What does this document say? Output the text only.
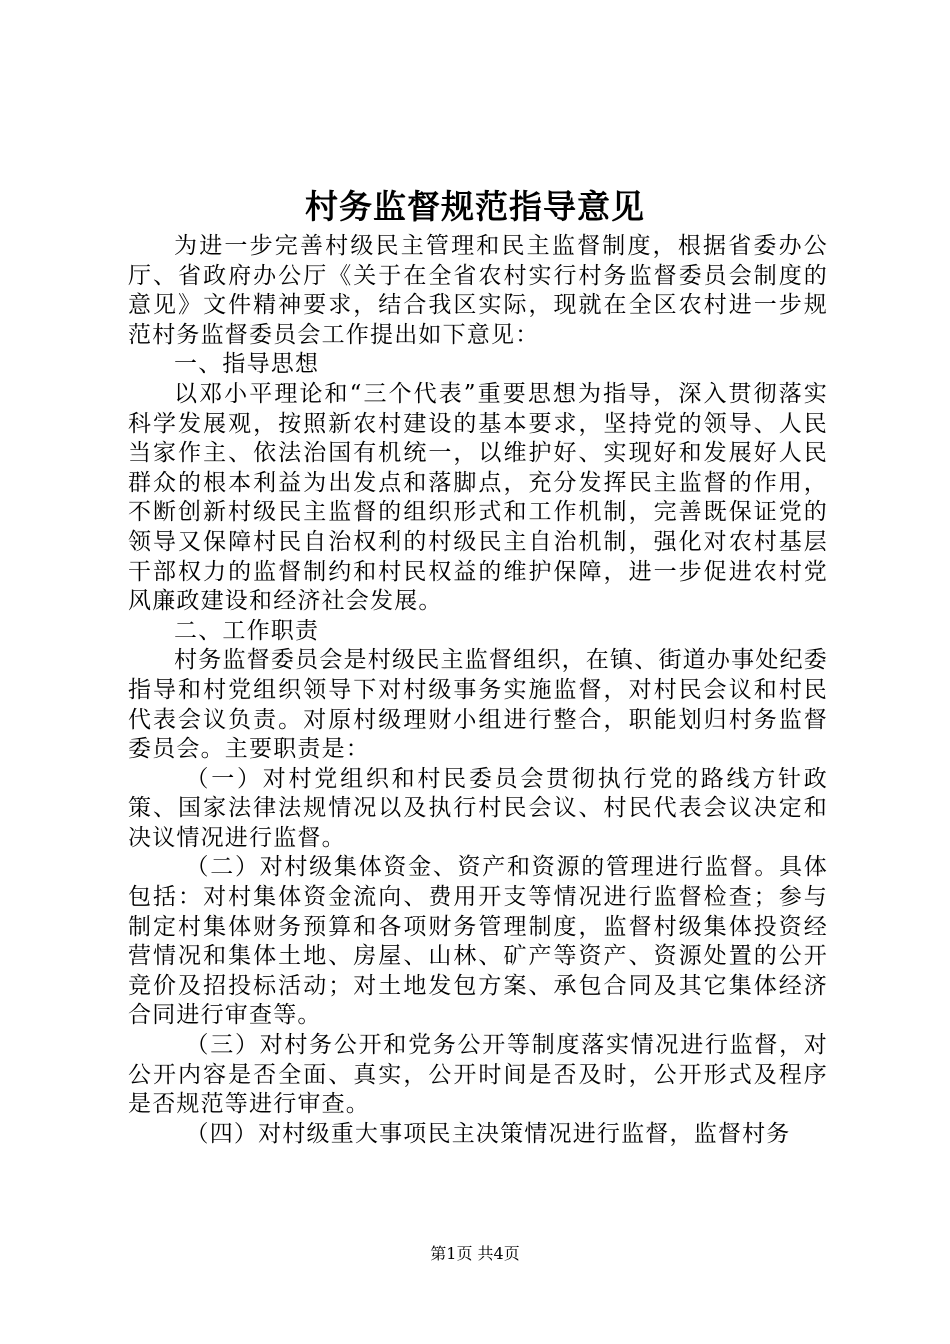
村务监督规范指导意见

为进一步完善村级民主管理和民主监督制度，根据省委办公厅、省政府办公厅《关于在全省农村实行村务监督委员会制度的意见》文件精神要求，结合我区实际，现就在全区农村进一步规范村务监督委员会工作提出如下意见：

一、指导思想

以邓小平理论和“三个代表”重要思想为指导，深入贯彻落实科学发展观，按照新农村建设的基本要求，坚持党的领导、人民当家作主、依法治国有机统一，以维护好、实现好和发展好人民群众的根本利益为出发点和落脚点，充分发挥民主监督的作用，不断创新村级民主监督的组织形式和工作机制，完善既保证党的领导又保障村民自治权利的村级民主自治机制，强化对农村基层干部权力的监督制约和村民权益的维护保障，进一步促进农村党风廉政建设和经济社会发展。

二、工作职责

村务监督委员会是村级民主监督组织，在镇、街道办事处纪委指导和村党组织领导下对村级事务实施监督，对村民会议和村民代表会议负责。对原村级理财小组进行整合，职能划归村务监督委员会。主要职责是：

（一）对村党组织和村民委员会贯彻执行党的路线方针政策、国家法律法规情况以及执行村民会议、村民代表会议决定和决议情况进行监督。

（二）对村级集体资金、资产和资源的管理进行监督。具体包括：对村集体资金流向、费用开支等情况进行监督检查；参与制定村集体财务预算和各项财务管理制度，监督村级集体投资经营情况和集体土地、房屋、山林、矿产等资产、资源处置的公开竞价及招投标活动；对土地发包方案、承包合同及其它集体经济合同进行审查等。

（三）对村务公开和党务公开等制度落实情况进行监督，对公开内容是否全面、真实，公开时间是否及时，公开形式及程序是否规范等进行审查。

（四）对村级重大事项民主决策情况进行监督，监督村务

第1页 共4页
